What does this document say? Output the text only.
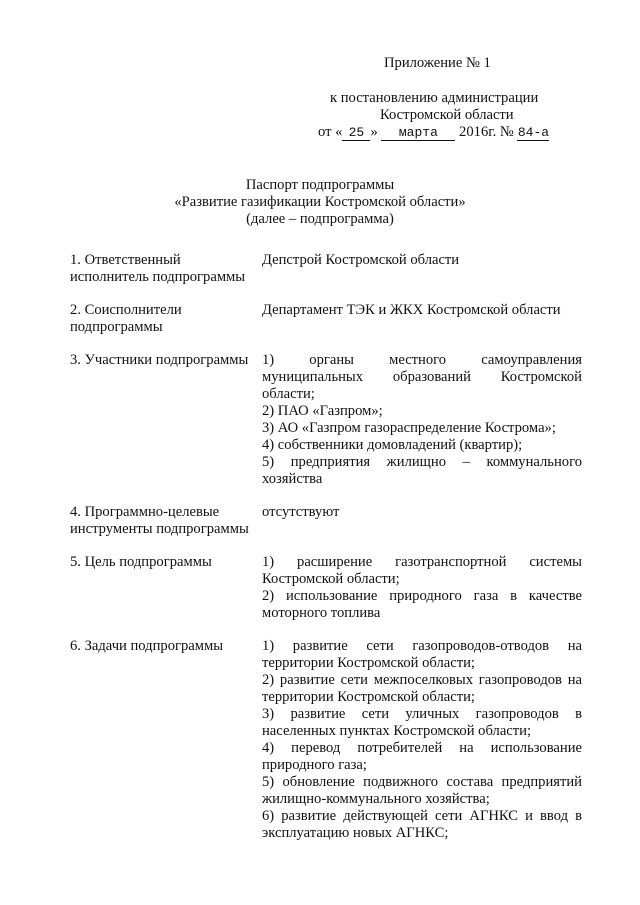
Приложение № 1
к постановлению администрации
Костромской области
от « 25 » марта 2016г. № 84-а
Паспорт подпрограммы
«Развитие газификации Костромской области»
(далее – подпрограмма)
1. Ответственный
исполнитель подпрограммы

Депстрой Костромской области

2. Соисполнители
подпрограммы

Департамент ТЭК и ЖКХ Костромской области

3. Участники подпрограммы 1) органы местного самоуправления муниципальных образований Костромской области;

2) ПАО «Газпром»;

3) АО «Газпром газораспределение Кострома»;

4) собственники домовладений (квартир);

5) предприятия жилищно – коммунального хозяйства

4. Программно-целевые
инструменты подпрограммы

отсутствуют

5. Цель подпрограммы	1) расширение газотранспортной системы Костромской области;

2) использование природного газа в качестве моторного топлива

6. Задачи подпрограммы	1) развитие сети газопроводов-отводов на территории Костромской области;

2) развитие сети межпоселковых газопроводов на территории Костромской области;

3) развитие сети уличных газопроводов в населенных пунктах Костромской области;

4) перевод потребителей на использование природного газа;

5) обновление подвижного состава предприятий жилищно-коммунального хозяйства;

6) развитие действующей сети АГНКС и ввод в эксплуатацию новых АГНКС;
